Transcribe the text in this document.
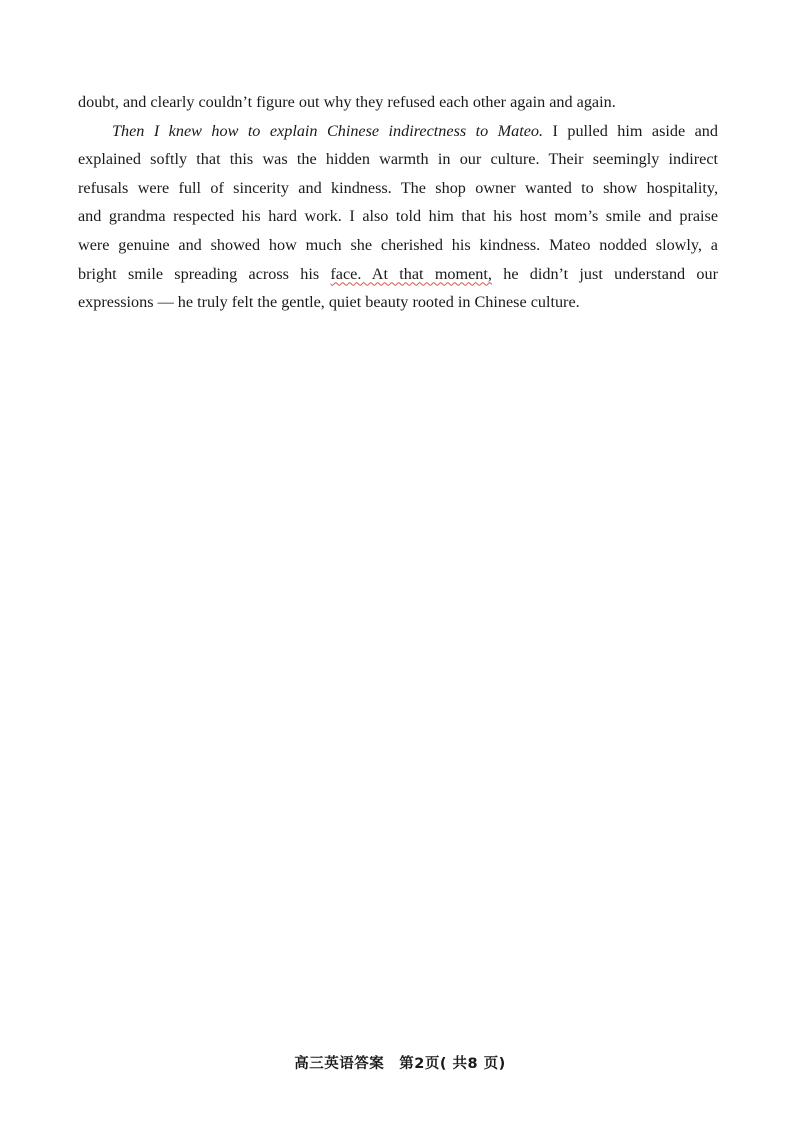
doubt, and clearly couldn’t figure out why they refused each other again and again.
Then I knew how to explain Chinese indirectness to Mateo. I pulled him aside and
explained softly that this was the hidden warmth in our culture. Their seemingly indirect
refusals were full of sincerity and kindness. The shop owner wanted to show hospitality,
and grandma respected his hard work. I also told him that his host mom’s smile and praise
were genuine and showed how much she cherished his kindness. Mateo nodded slowly, a
bright smile spreading across his face. At that moment, he didn’t just understand our
expressions — he truly felt the gentle, quiet beauty rooted in Chinese culture.
高三英语答案　第2页( 共8 页)
